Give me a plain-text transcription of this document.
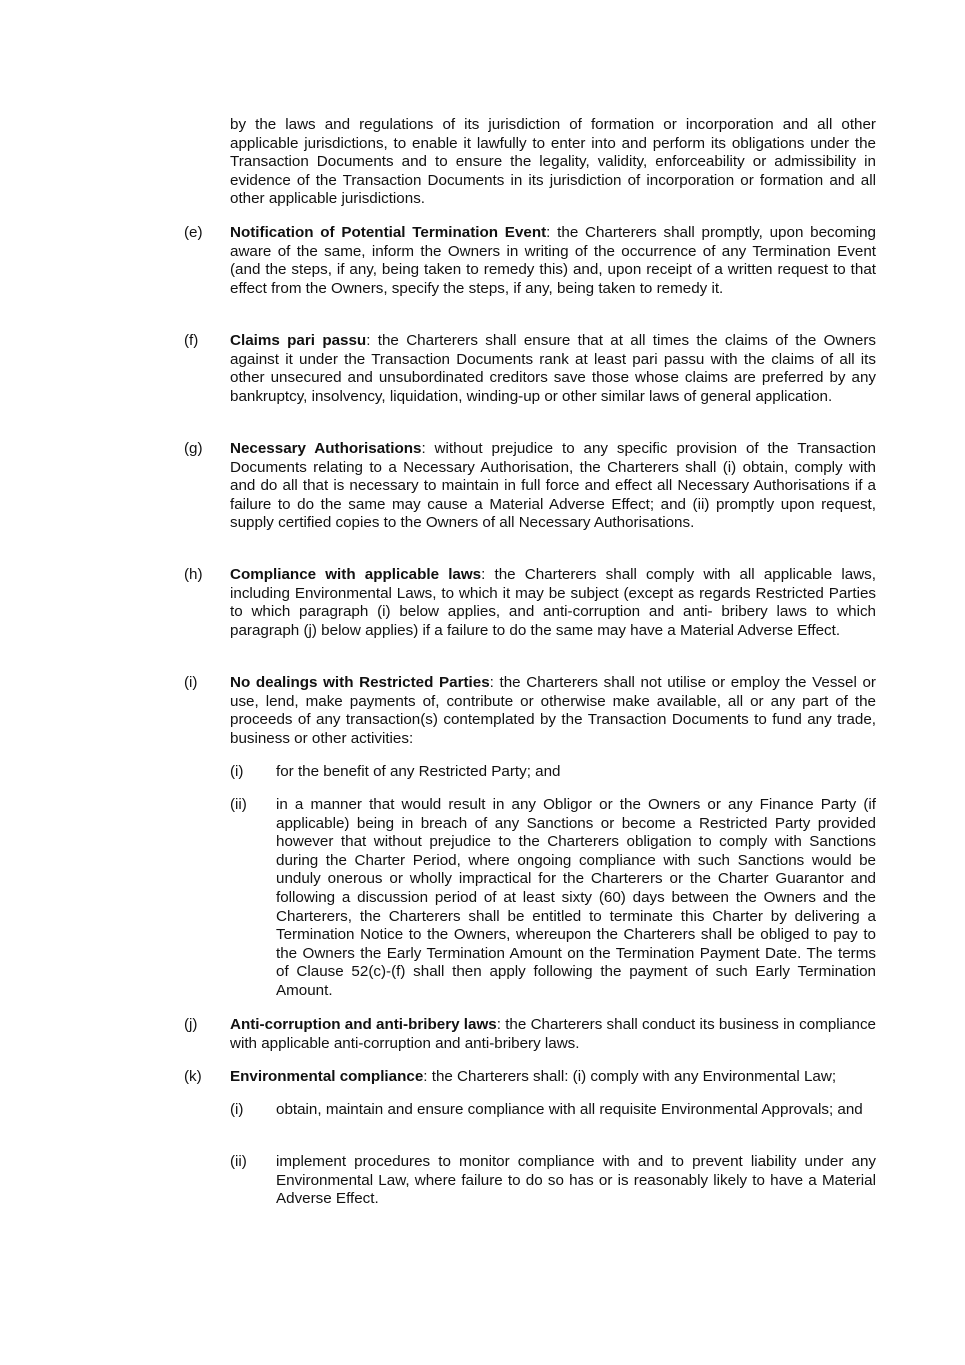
by the laws and regulations of its jurisdiction of formation or incorporation and all other applicable jurisdictions, to enable it lawfully to enter into and perform its obligations under the Transaction Documents and to ensure the legality, validity, enforceability or admissibility in evidence of the Transaction Documents in its jurisdiction of incorporation or formation and all other applicable jurisdictions.

(e) Notification of Potential Termination Event: the Charterers shall promptly, upon becoming aware of the same, inform the Owners in writing of the occurrence of any Termination Event (and the steps, if any, being taken to remedy this) and, upon receipt of a written request to that effect from the Owners, specify the steps, if any, being taken to remedy it.

(f) Claims pari passu: the Charterers shall ensure that at all times the claims of the Owners against it under the Transaction Documents rank at least pari passu with the claims of all its other unsecured and unsubordinated creditors save those whose claims are preferred by any bankruptcy, insolvency, liquidation, winding-up or other similar laws of general application.

(g) Necessary Authorisations: without prejudice to any specific provision of the Transaction Documents relating to a Necessary Authorisation, the Charterers shall (i) obtain, comply with and do all that is necessary to maintain in full force and effect all Necessary Authorisations if a failure to do the same may cause a Material Adverse Effect; and (ii) promptly upon request, supply certified copies to the Owners of all Necessary Authorisations.

(h) Compliance with applicable laws: the Charterers shall comply with all applicable laws, including Environmental Laws, to which it may be subject (except as regards Restricted Parties to which paragraph (i) below applies, and anti-corruption and anti- bribery laws to which paragraph (j) below applies) if a failure to do the same may have a Material Adverse Effect.

(i) No dealings with Restricted Parties: the Charterers shall not utilise or employ the Vessel or use, lend, make payments of, contribute or otherwise make available, all or any part of the proceeds of any transaction(s) contemplated by the Transaction Documents to fund any trade, business or other activities:

(i) for the benefit of any Restricted Party; and

(ii) in a manner that would result in any Obligor or the Owners or any Finance Party (if applicable) being in breach of any Sanctions or become a Restricted Party provided however that without prejudice to the Charterers obligation to comply with Sanctions during the Charter Period, where ongoing compliance with such Sanctions would be unduly onerous or wholly impractical for the Charterers or the Charter Guarantor and following a discussion period of at least sixty (60) days between the Owners and the Charterers, the Charterers shall be entitled to terminate this Charter by delivering a Termination Notice to the Owners, whereupon the Charterers shall be obliged to pay to the Owners the Early Termination Amount on the Termination Payment Date. The terms of Clause 52(c)-(f) shall then apply following the payment of such Early Termination Amount.

(j) Anti-corruption and anti-bribery laws: the Charterers shall conduct its business in compliance with applicable anti-corruption and anti-bribery laws.

(k) Environmental compliance: the Charterers shall: (i) comply with any Environmental Law;

(i) obtain, maintain and ensure compliance with all requisite Environmental Approvals; and

(ii) implement procedures to monitor compliance with and to prevent liability under any Environmental Law, where failure to do so has or is reasonably likely to have a Material Adverse Effect.
